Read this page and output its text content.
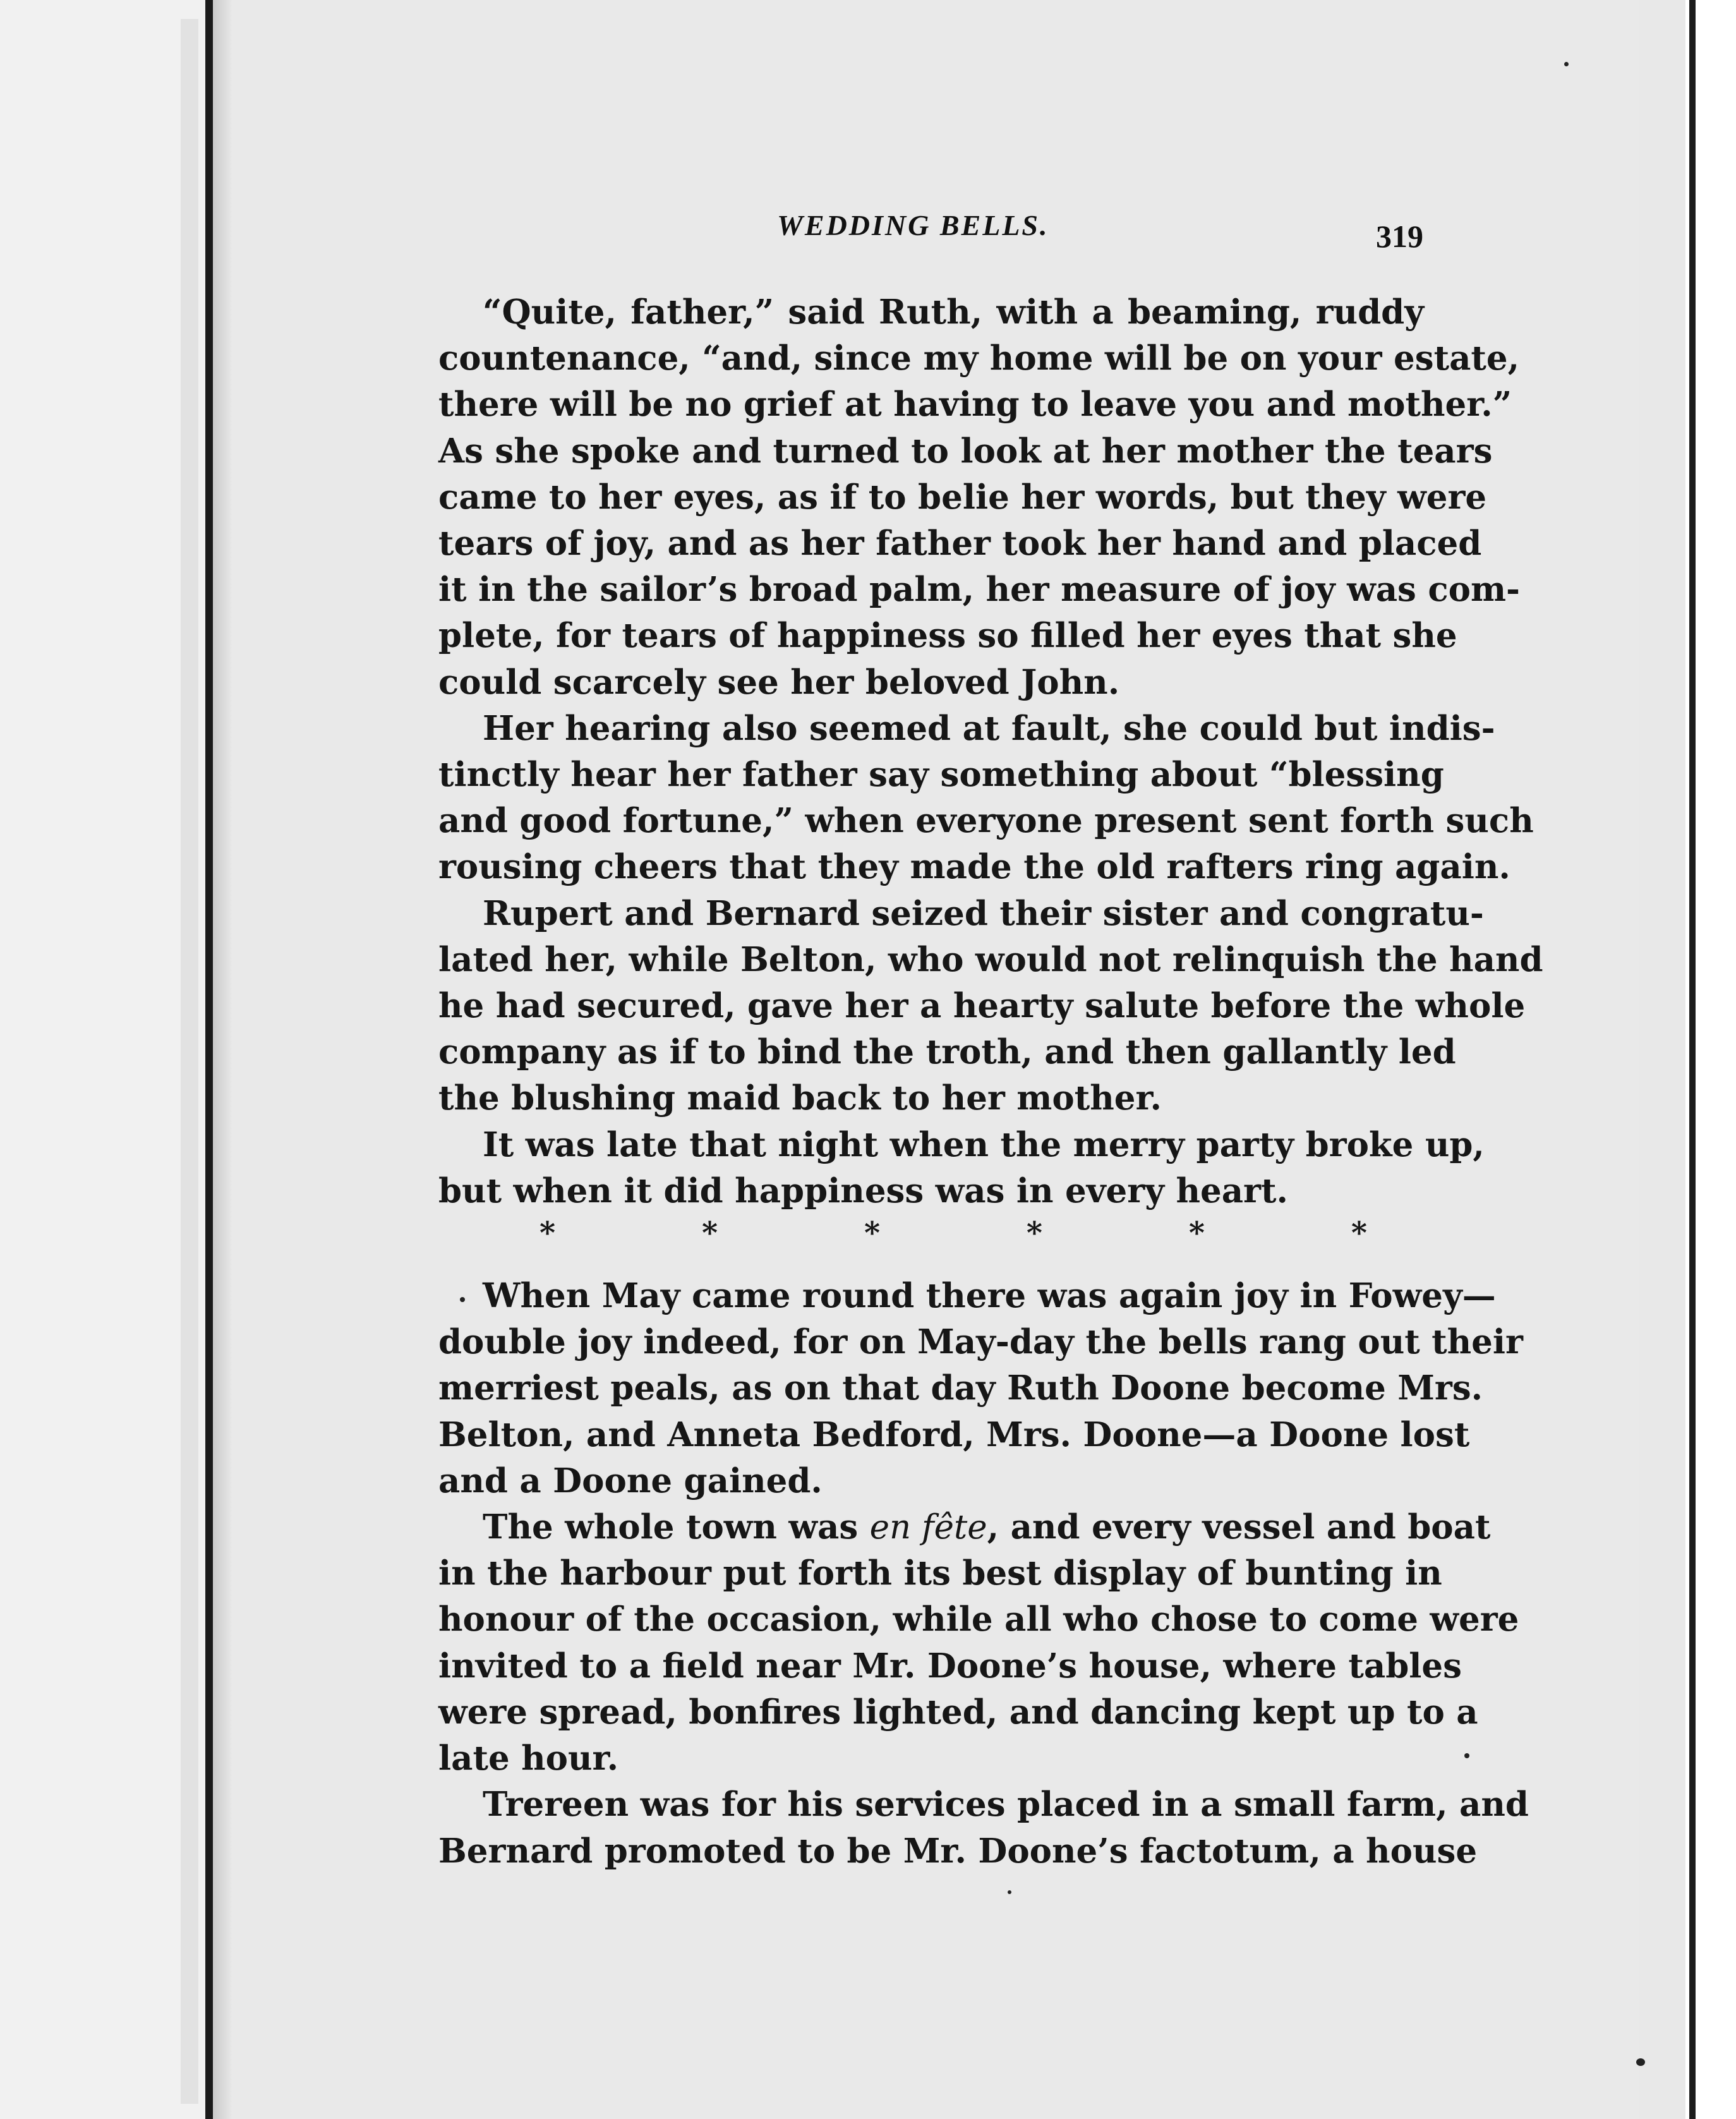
WEDDING BELLS.	319
“Quite, father,” said Ruth, with a beaming, ruddy
countenance, “and, since my home will be on your estate,
there will be no grief at having to leave you and mother.”
As she spoke and turned to look at her mother the tears
came to her eyes, as if to belie her words, but they were
tears of joy, and as her father took her hand and placed
it in the sailor’s broad palm, her measure of joy was com-
plete, for tears of happiness so filled her eyes that she
could scarcely see her beloved John.
Her hearing also seemed at fault, she could but indis-
tinctly hear her father say something about “blessing
and good fortune,” when everyone present sent forth such
rousing cheers that they made the old rafters ring again.
Rupert and Bernard seized their sister and congratu-
lated her, while Belton, who would not relinquish the hand
he had secured, gave her a hearty salute before the whole
company as if to bind the troth, and then gallantly led
the blushing maid back to her mother.
It was late that night when the merry party broke up,
but when it did happiness was in every heart.
*	*	*	*	*	*
When May came round there was again joy in Fowey—
double joy indeed, for on May-day the bells rang out their
merriest peals, as on that day Ruth Doone become Mrs.
Belton, and Anneta Bedford, Mrs. Doone—a Doone lost
and a Doone gained.
The whole town was en fête, and every vessel and boat
in the harbour put forth its best display of bunting in
honour of the occasion, while all who chose to come were
invited to a field near Mr. Doone’s house, where tables
were spread, bonfires lighted, and dancing kept up to a
late hour.
Trereen was for his services placed in a small farm, and
Bernard promoted to be Mr. Doone’s factotum, a house
